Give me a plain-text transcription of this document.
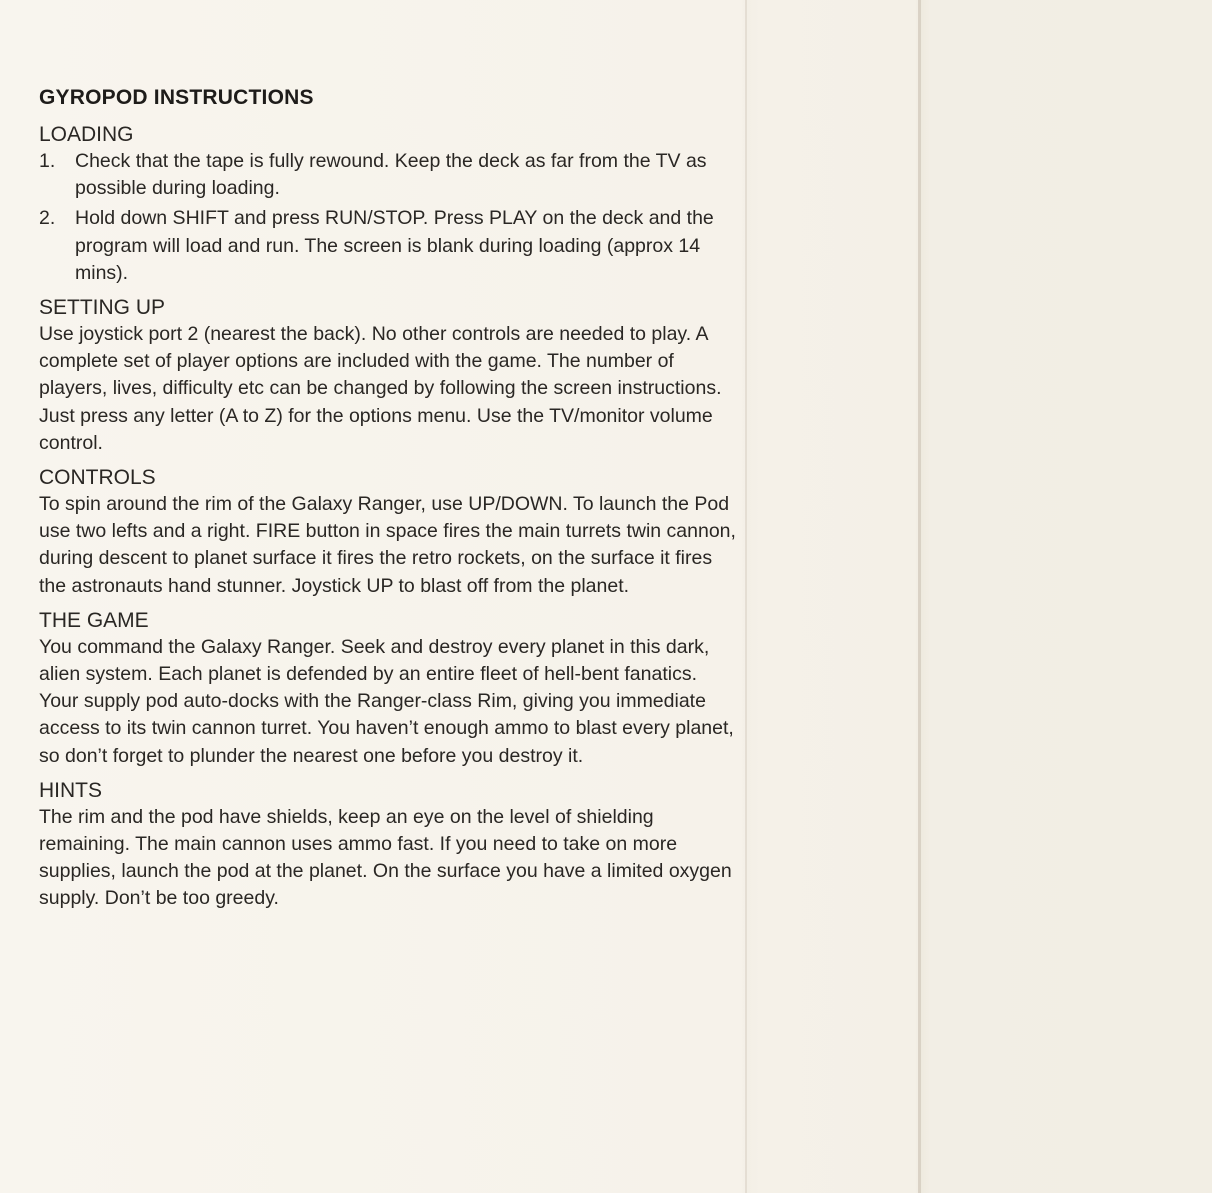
GYROPOD INSTRUCTIONS
LOADING
1. Check that the tape is fully rewound. Keep the deck as far from the TV as possible during loading.
2. Hold down SHIFT and press RUN/STOP. Press PLAY on the deck and the program will load and run. The screen is blank during loading (approx 14 mins).
SETTING UP

Use joystick port 2 (nearest the back). No other controls are needed to play. A complete set of player options are included with the game. The number of players, lives, difficulty etc can be changed by following the screen instructions. Just press any letter (A to Z) for the options menu. Use the TV/monitor volume control.

CONTROLS

To spin around the rim of the Galaxy Ranger, use UP/DOWN. To launch the Pod use two lefts and a right. FIRE button in space fires the main turrets twin cannon, during descent to planet surface it fires the retro rockets, on the surface it fires the astronauts hand stunner. Joystick UP to blast off from the planet.

THE GAME

You command the Galaxy Ranger. Seek and destroy every planet in this dark, alien system. Each planet is defended by an entire fleet of hell-bent fanatics. Your supply pod auto-docks with the Ranger-class Rim, giving you immediate access to its twin cannon turret. You haven’t enough ammo to blast every planet, so don’t forget to plunder the nearest one before you destroy it.

HINTS

The rim and the pod have shields, keep an eye on the level of shielding remaining. The main cannon uses ammo fast. If you need to take on more supplies, launch the pod at the planet. On the surface you have a limited oxygen supply. Don’t be too greedy.
